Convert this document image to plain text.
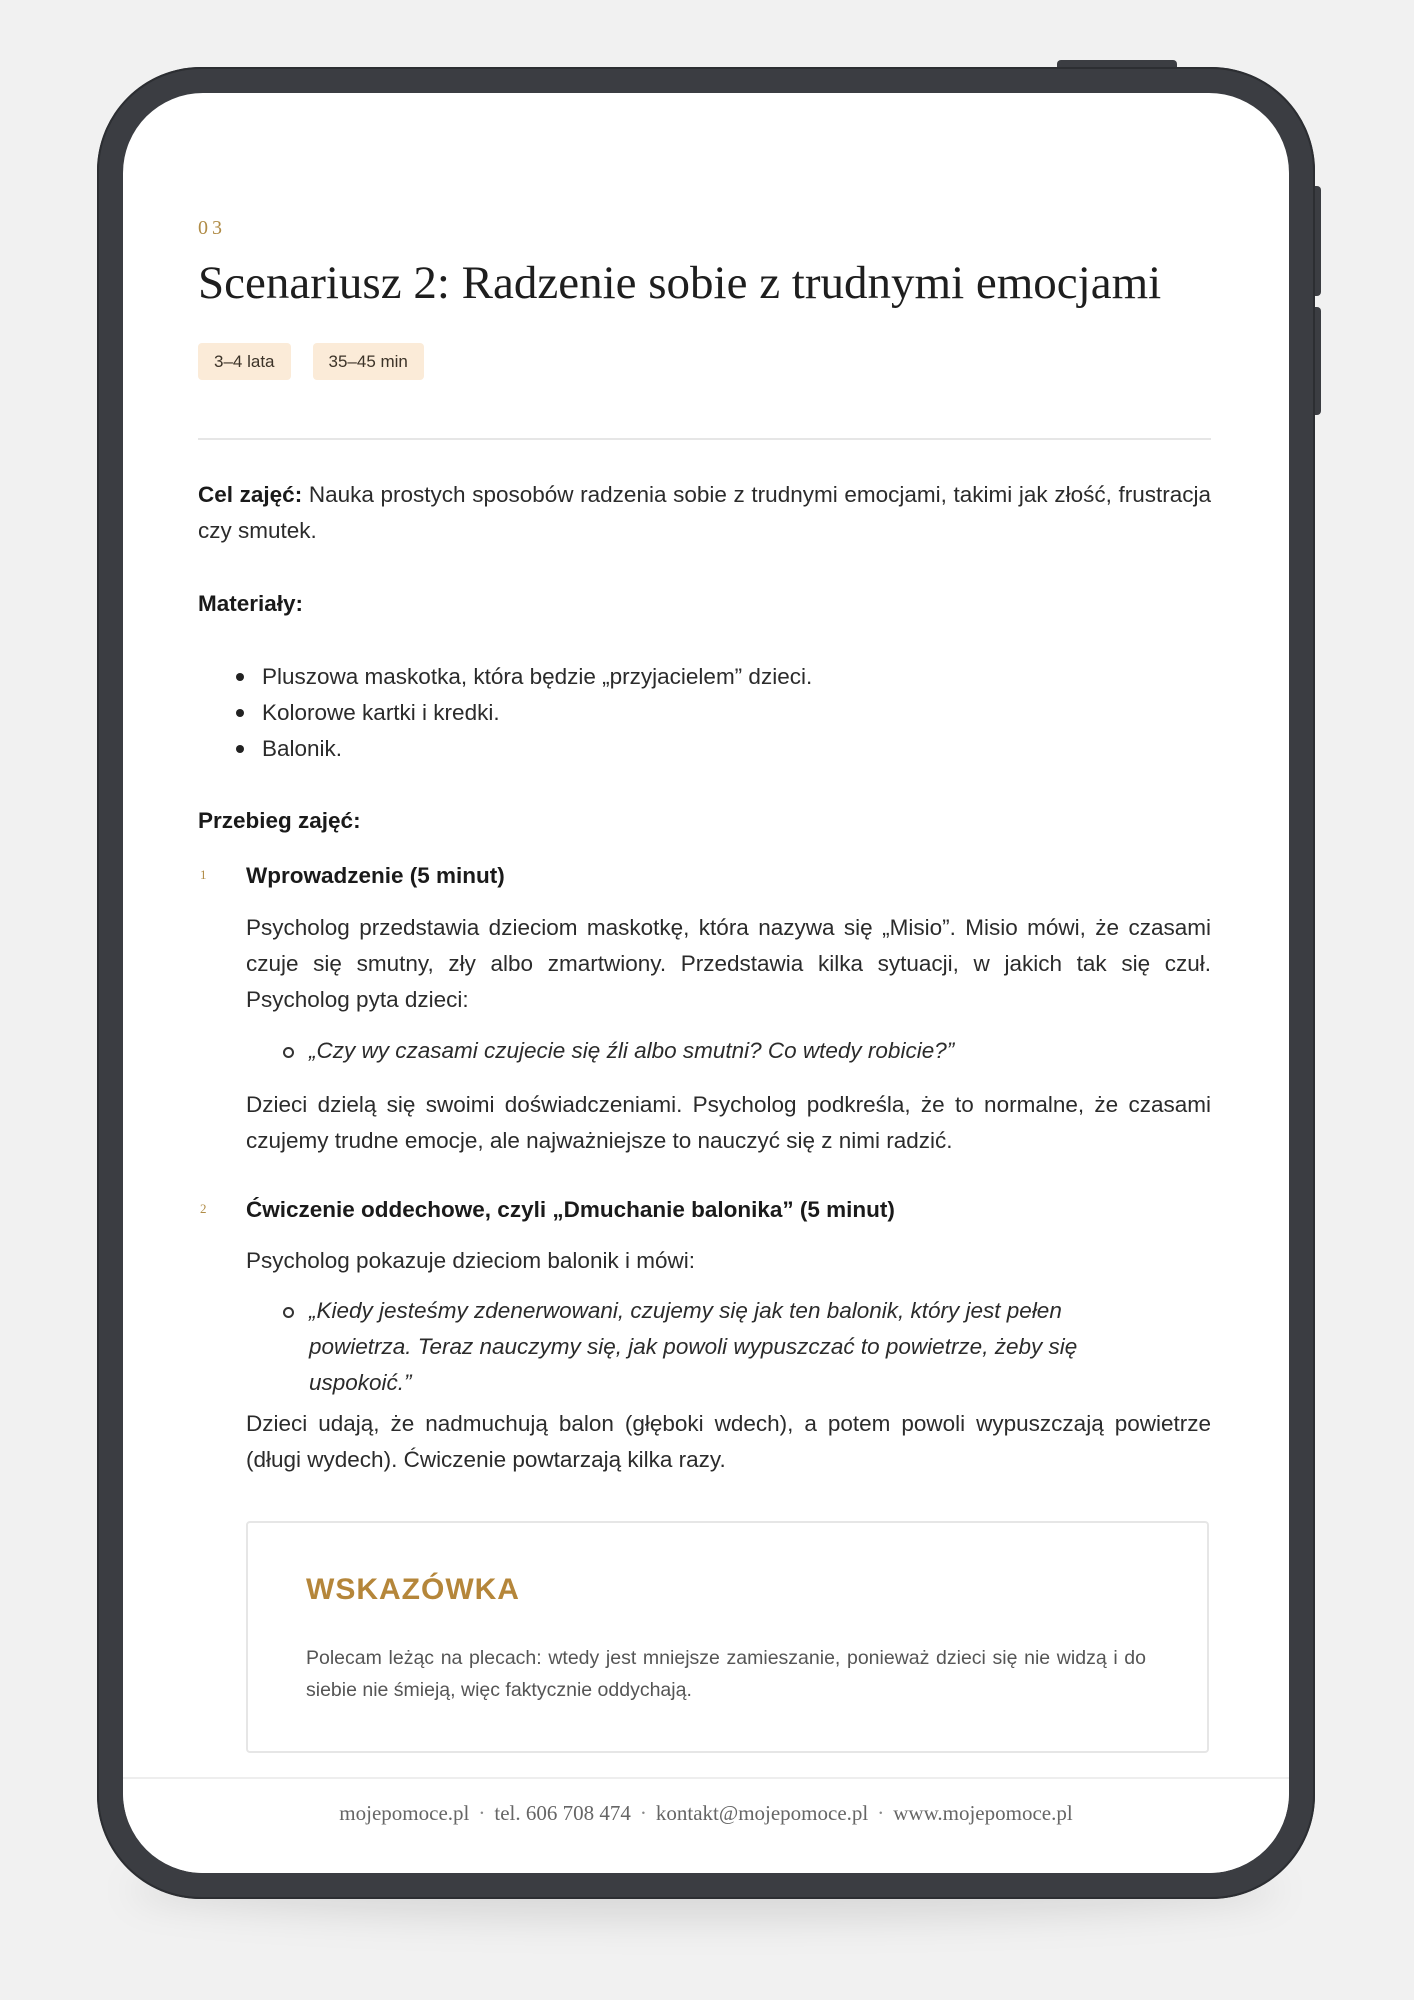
03
Scenariusz 2: Radzenie sobie z trudnymi emocjami
3–4 lata	35–45 min

Cel zajęć: Nauka prostych sposobów radzenia sobie z trudnymi emocjami, takimi jak złość, frustracja czy smutek.

Materiały:

Pluszowa maskotka, która będzie „przyjacielem” dzieci.
Kolorowe kartki i kredki.
Balonik.

Przebieg zajęć:

1 Wprowadzenie (5 minut)

Psycholog przedstawia dzieciom maskotkę, która nazywa się „Misio”. Misio mówi, że czasami czuje się smutny, zły albo zmartwiony. Przedstawia kilka sytuacji, w jakich tak się czuł. Psycholog pyta dzieci:

„Czy wy czasami czujecie się źli albo smutni? Co wtedy robicie?”

Dzieci dzielą się swoimi doświadczeniami. Psycholog podkreśla, że to normalne, że czasami czujemy trudne emocje, ale najważniejsze to nauczyć się z nimi radzić.

2 Ćwiczenie oddechowe, czyli „Dmuchanie balonika” (5 minut)

Psycholog pokazuje dzieciom balonik i mówi:

„Kiedy jesteśmy zdenerwowani, czujemy się jak ten balonik, który jest pełen powietrza. Teraz nauczymy się, jak powoli wypuszczać to powietrze, żeby się uspokoić.”

Dzieci udają, że nadmuchują balon (głęboki wdech), a potem powoli wypuszczają powietrze (długi wydech). Ćwiczenie powtarzają kilka razy.

WSKAZÓWKA

Polecam leżąc na plecach: wtedy jest mniejsze zamieszanie, ponieważ dzieci się nie widzą i do siebie nie śmieją, więc faktycznie oddychają.

mojepomoce.pl · tel. 606 708 474 · kontakt@mojepomoce.pl · www.mojepomoce.pl
